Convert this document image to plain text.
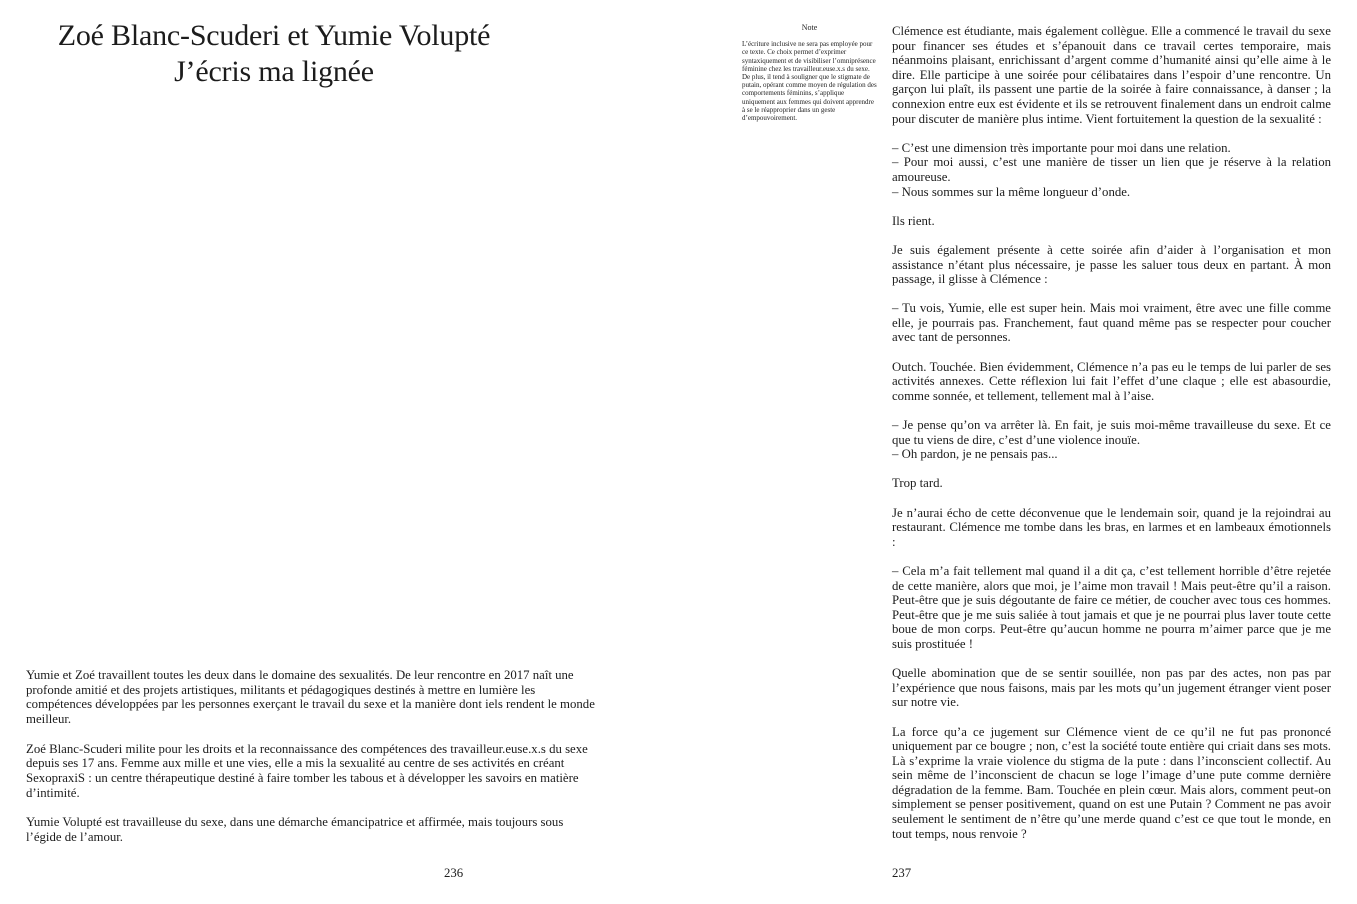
Zoé Blanc-Scuderi et Yumie Volupté
J’écris ma lignée

Yumie et Zoé travaillent toutes les deux dans le domaine des sexualités. De leur rencontre en 2017 naît une profonde amitié et des projets artistiques, militants et pédagogiques destinés à mettre en lumière les compétences développées par les personnes exerçant le travail du sexe et la manière dont iels rendent le monde meilleur.

Zoé Blanc-Scuderi milite pour les droits et la reconnaissance des compétences des travailleur.euse.x.s du sexe depuis ses 17 ans. Femme aux mille et une vies, elle a mis la sexualité au centre de ses activités en créant SexopraxiS : un centre thérapeutique destiné à faire tomber les tabous et à développer les savoirs en matière d’intimité.

Yumie Volupté est travailleuse du sexe, dans une démarche émancipatrice et affirmée, mais toujours sous l’égide de l’amour.

236
Note
L’écriture inclusive ne sera pas employée pour ce texte. Ce choix permet d’exprimer syntaxiquement et de visibiliser l’omniprésence féminine chez les travailleur.euse.x.s du sexe. De plus, il tend à souligner que le stigmate de putain, opérant comme moyen de régulation des comportements féminins, s’applique uniquement aux femmes qui doivent apprendre à se le réapproprier dans un geste d’empouvoirement.

Clémence est étudiante, mais également collègue. Elle a commencé le travail du sexe pour financer ses études et s’épanouit dans ce travail certes temporaire, mais néanmoins plaisant, enrichissant d’argent comme d’humanité ainsi qu’elle aime à le dire. Elle participe à une soirée pour célibataires dans l’espoir d’une rencontre. Un garçon lui plaît, ils passent une partie de la soirée à faire connaissance, à danser ; la connexion entre eux est évidente et ils se retrouvent finalement dans un endroit calme pour discuter de manière plus intime. Vient fortuitement la question de la sexualité :

– C’est une dimension très importante pour moi dans une relation.

– Pour moi aussi, c’est une manière de tisser un lien que je réserve à la relation amoureuse.

– Nous sommes sur la même longueur d’onde.

Ils rient.

Je suis également présente à cette soirée afin d’aider à l’organisation et mon assistance n’étant plus nécessaire, je passe les saluer tous deux en partant. À mon passage, il glisse à Clémence :

– Tu vois, Yumie, elle est super hein. Mais moi vraiment, être avec une fille comme elle, je pourrais pas. Franchement, faut quand même pas se respecter pour coucher avec tant de personnes.

Outch. Touchée. Bien évidemment, Clémence n’a pas eu le temps de lui parler de ses activités annexes. Cette réflexion lui fait l’effet d’une claque ; elle est abasourdie, comme sonnée, et tellement, tellement mal à l’aise.

– Je pense qu’on va arrêter là. En fait, je suis moi-même travailleuse du sexe. Et ce que tu viens de dire, c’est d’une violence inouïe.

– Oh pardon, je ne pensais pas...

Trop tard.

Je n’aurai écho de cette déconvenue que le lendemain soir, quand je la rejoindrai au restaurant. Clémence me tombe dans les bras, en larmes et en lambeaux émotionnels :

– Cela m’a fait tellement mal quand il a dit ça, c’est tellement horrible d’être rejetée de cette manière, alors que moi, je l’aime mon travail ! Mais peut-être qu’il a raison. Peut-être que je suis dégoutante de faire ce métier, de coucher avec tous ces hommes. Peut-être que je me suis saliée à tout jamais et que je ne pourrai plus laver toute cette boue de mon corps. Peut-être qu’aucun homme ne pourra m’aimer parce que je me suis prostituée !

Quelle abomination que de se sentir souillée, non pas par des actes, non pas par l’expérience que nous faisons, mais par les mots qu’un jugement étranger vient poser sur notre vie.

La force qu’a ce jugement sur Clémence vient de ce qu’il ne fut pas prononcé uniquement par ce bougre ; non, c’est la société toute entière qui criait dans ses mots. Là s’exprime la vraie violence du stigma de la pute : dans l’inconscient collectif. Au sein même de l’inconscient de chacun se loge l’image d’une pute comme dernière dégradation de la femme. Bam. Touchée en plein cœur. Mais alors, comment peut-on simplement se penser positivement, quand on est une Putain ? Comment ne pas avoir seulement le sentiment de n’être qu’une merde quand c’est ce que tout le monde, en tout temps, nous renvoie ?

237
